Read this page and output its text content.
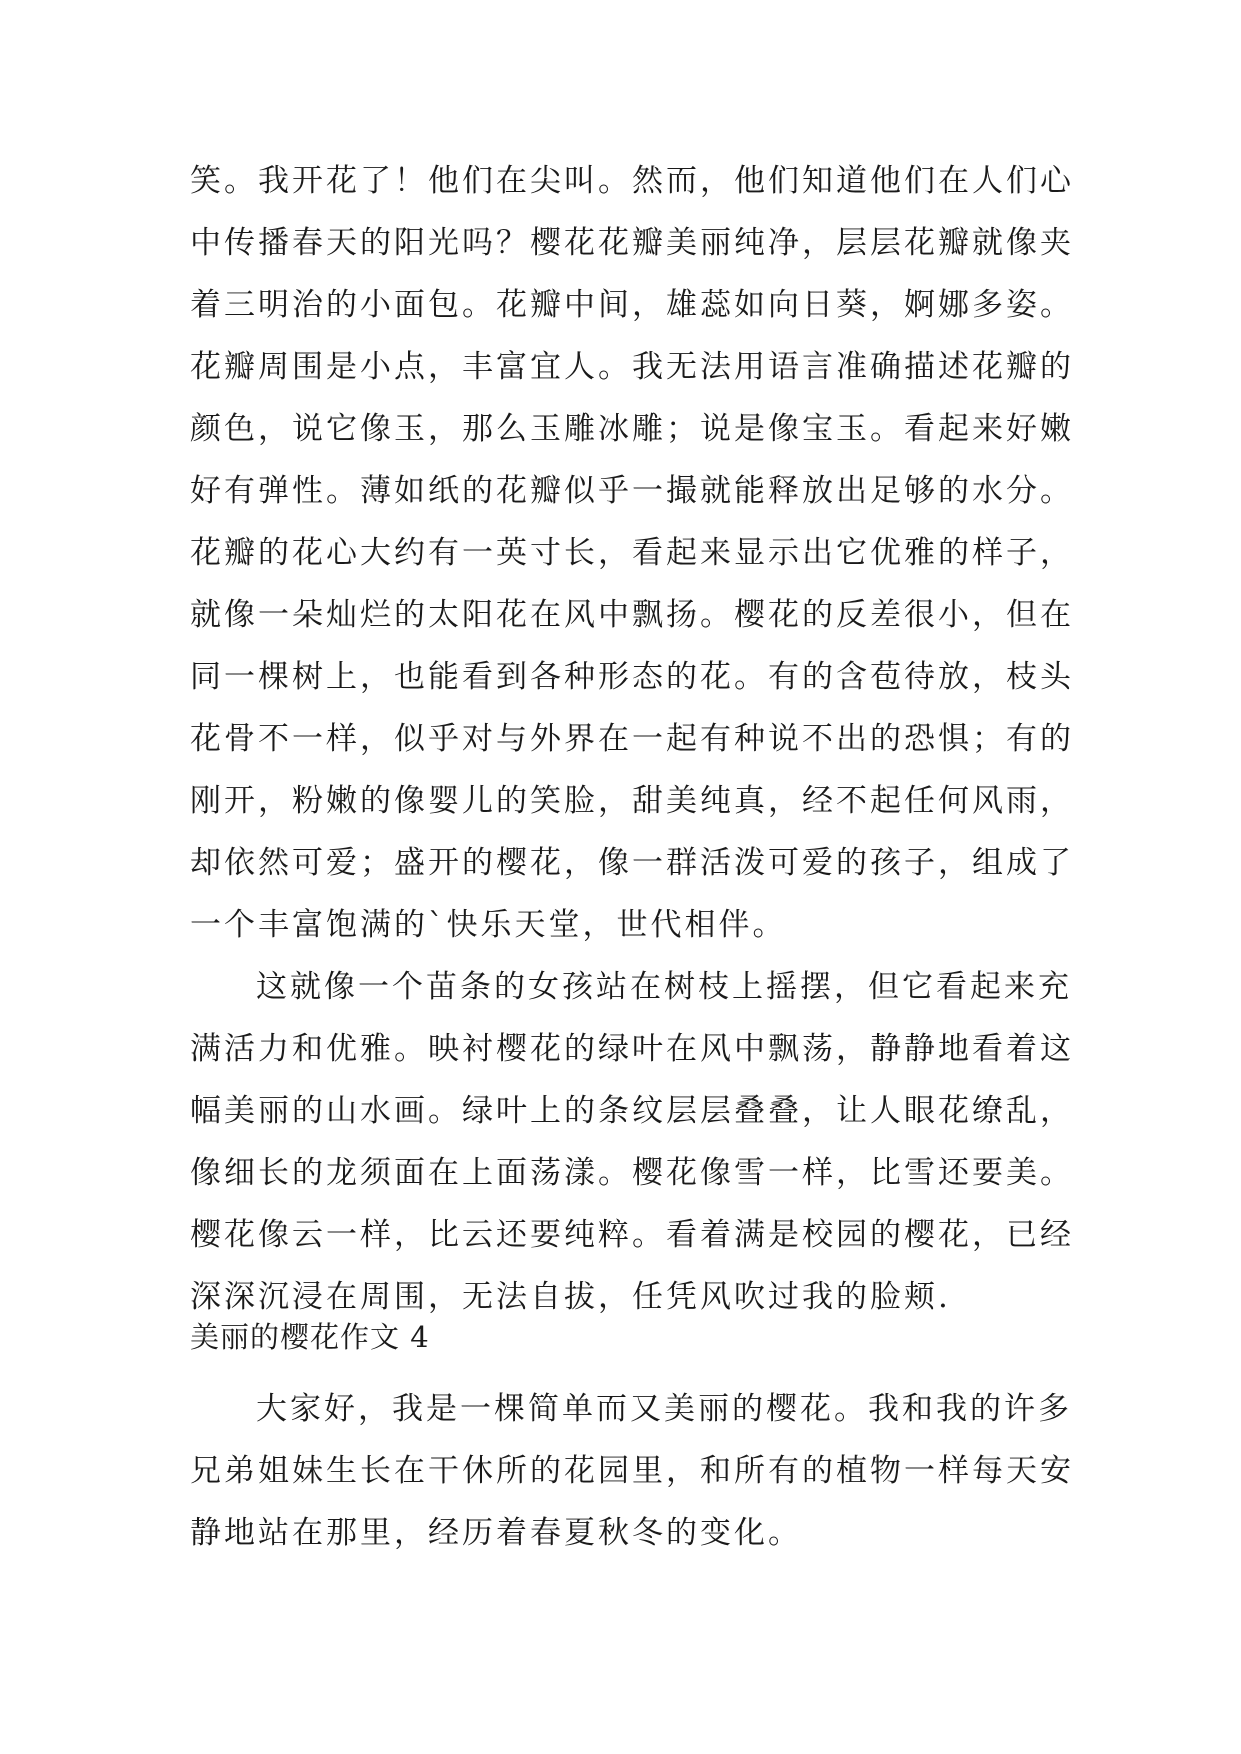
笑。我开花了！他们在尖叫。然而，他们知道他们在人们心
中传播春天的阳光吗？樱花花瓣美丽纯净，层层花瓣就像夹
着三明治的小面包。花瓣中间，雄蕊如向日葵，婀娜多姿。
花瓣周围是小点，丰富宜人。我无法用语言准确描述花瓣的
颜色，说它像玉，那么玉雕冰雕；说是像宝玉。看起来好嫩
好有弹性。薄如纸的花瓣似乎一撮就能释放出足够的水分。
花瓣的花心大约有一英寸长，看起来显示出它优雅的样子，
就像一朵灿烂的太阳花在风中飘扬。樱花的反差很小，但在
同一棵树上，也能看到各种形态的花。有的含苞待放，枝头
花骨不一样，似乎对与外界在一起有种说不出的恐惧；有的
刚开，粉嫩的像婴儿的笑脸，甜美纯真，经不起任何风雨，
却依然可爱；盛开的樱花，像一群活泼可爱的孩子，组成了
一个丰富饱满的`快乐天堂，世代相伴。
这就像一个苗条的女孩站在树枝上摇摆，但它看起来充
满活力和优雅。映衬樱花的绿叶在风中飘荡，静静地看着这
幅美丽的山水画。绿叶上的条纹层层叠叠，让人眼花缭乱，
像细长的龙须面在上面荡漾。樱花像雪一样，比雪还要美。
樱花像云一样，比云还要纯粹。看着满是校园的樱花，已经
深深沉浸在周围，无法自拔，任凭风吹过我的脸颊.
美丽的樱花作文 4
大家好，我是一棵简单而又美丽的樱花。我和我的许多
兄弟姐妹生长在干休所的花园里，和所有的植物一样每天安
静地站在那里，经历着春夏秋冬的变化。
